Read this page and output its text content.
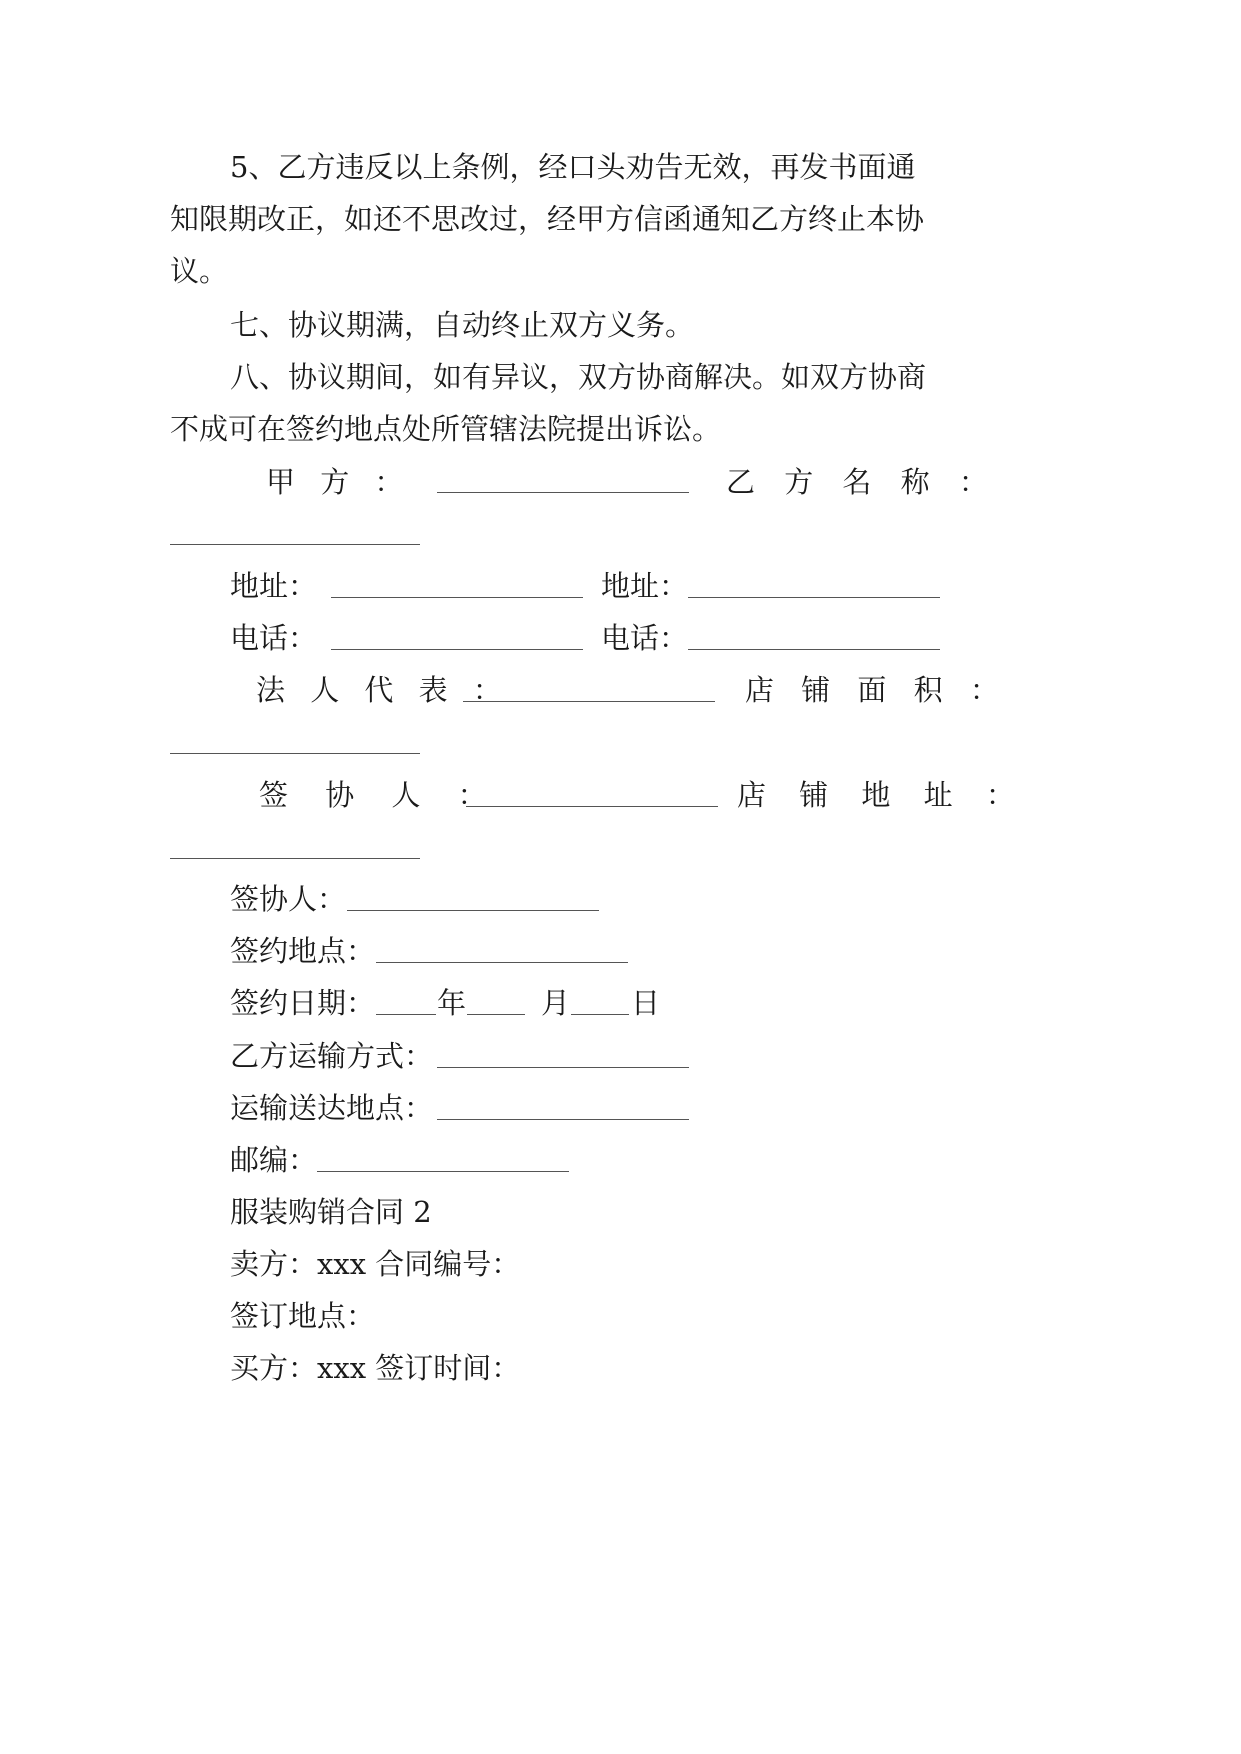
5、乙方违反以上条例，经口头劝告无效，再发书面通
知限期改正，如还不思改过，经甲方信函通知乙方终止本协
议。
七、协议期满，自动终止双方义务。
八、协议期间，如有异议，双方协商解决。如双方协商
不成可在签约地点处所管辖法院提出诉讼。
甲 方 ：	乙 方 名 称 ：
地址：	地址：
电话：	电话：
法 人 代 表 ：	店 铺 面 积 ：
签 协 人 ：	店 铺 地 址 ：
签协人：
签约地点：
签约日期： 年	月 日
乙方运输方式：
运输送达地点：
邮编：
服装购销合同 2
卖方：xxx 合同编号：
签订地点：
买方：xxx 签订时间：
